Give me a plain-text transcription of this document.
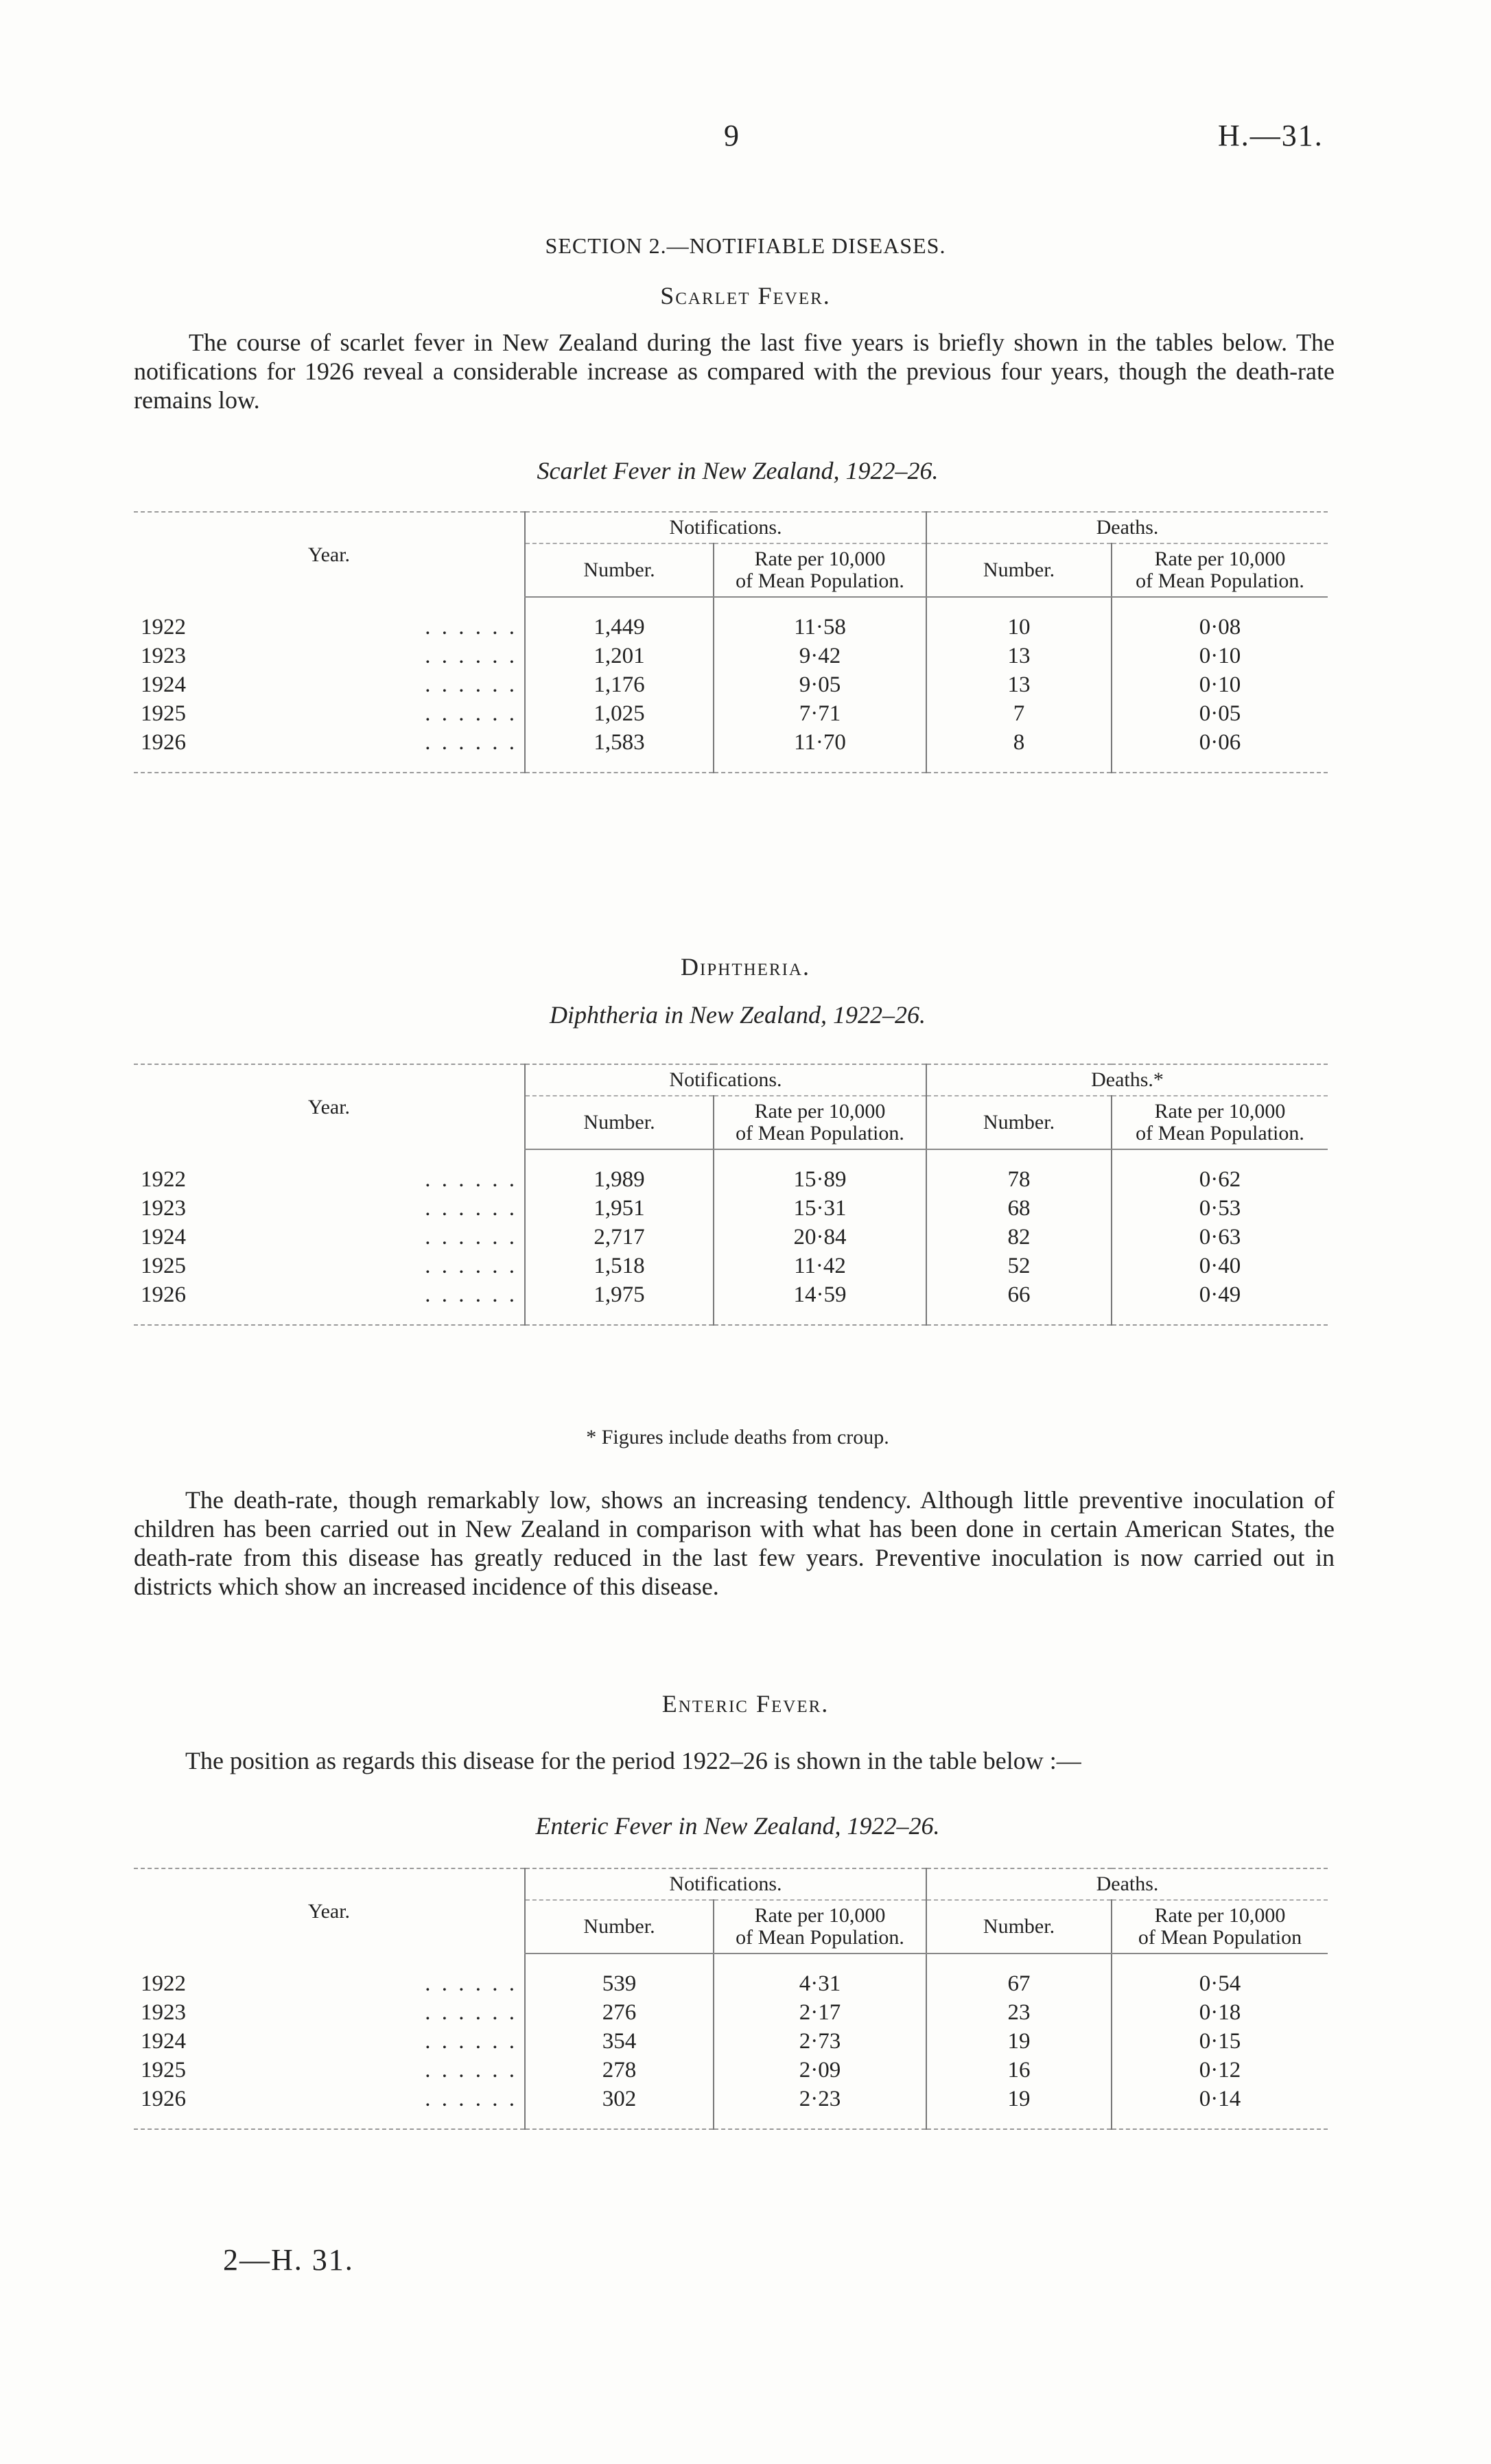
9	H.—31.
SECTION 2.—NOTIFIABLE DISEASES.
Scarlet Fever.

The course of scarlet fever in New Zealand during the last five years is briefly shown in the tables below. The notifications for 1926 reveal a considerable increase as compared with the previous four years, though the death-rate remains low.

Scarlet Fever in New Zealand, 1922–26.
Year.	Notifications.		Deaths.	
	Number.	Rate per 10,000
of Mean Population.	Number.	Rate per 10,000
of Mean Population.

1922 . . . . . .	1,449	11·58	10	0·08
1923 . . . . . .	1,201	9·42	13	0·10
1924 . . . . . .	1,176	9·05	13	0·10
1925 . . . . . .	1,025	7·71	7	0·05
1926 . . . . . .	1,583	11·70	8	0·06

Diphtheria.
Diphtheria in New Zealand, 1922–26.
Year.	Notifications.		Deaths.*	
	Number.	Rate per 10,000
of Mean Population.	Number.	Rate per 10,000
of Mean Population.

1922 . . . . . .	1,989	15·89	78	0·62
1923 . . . . . .	1,951	15·31	68	0·53
1924 . . . . . .	2,717	20·84	82	0·63
1925 . . . . . .	1,518	11·42	52	0·40
1926 . . . . . .	1,975	14·59	66	0·49

* Figures include deaths from croup.

The death-rate, though remarkably low, shows an increasing tendency. Although little preventive inoculation of children has been carried out in New Zealand in comparison with what has been done in certain American States, the death-rate from this disease has greatly reduced in the last few years. Preventive inoculation is now carried out in districts which show an increased incidence of this disease.

Enteric Fever.

The position as regards this disease for the period 1922–26 is shown in the table below :—

Enteric Fever in New Zealand, 1922–26.
Year.	Notifications.		Deaths.	
	Number.	Rate per 10,000
of Mean Population.	Number.	Rate per 10,000
of Mean Population

1922 . . . . . .	539	4·31	67	0·54
1923 . . . . . .	276	2·17	23	0·18
1924 . . . . . .	354	2·73	19	0·15
1925 . . . . . .	278	2·09	16	0·12
1926 . . . . . .	302	2·23	19	0·14

2—H. 31.
